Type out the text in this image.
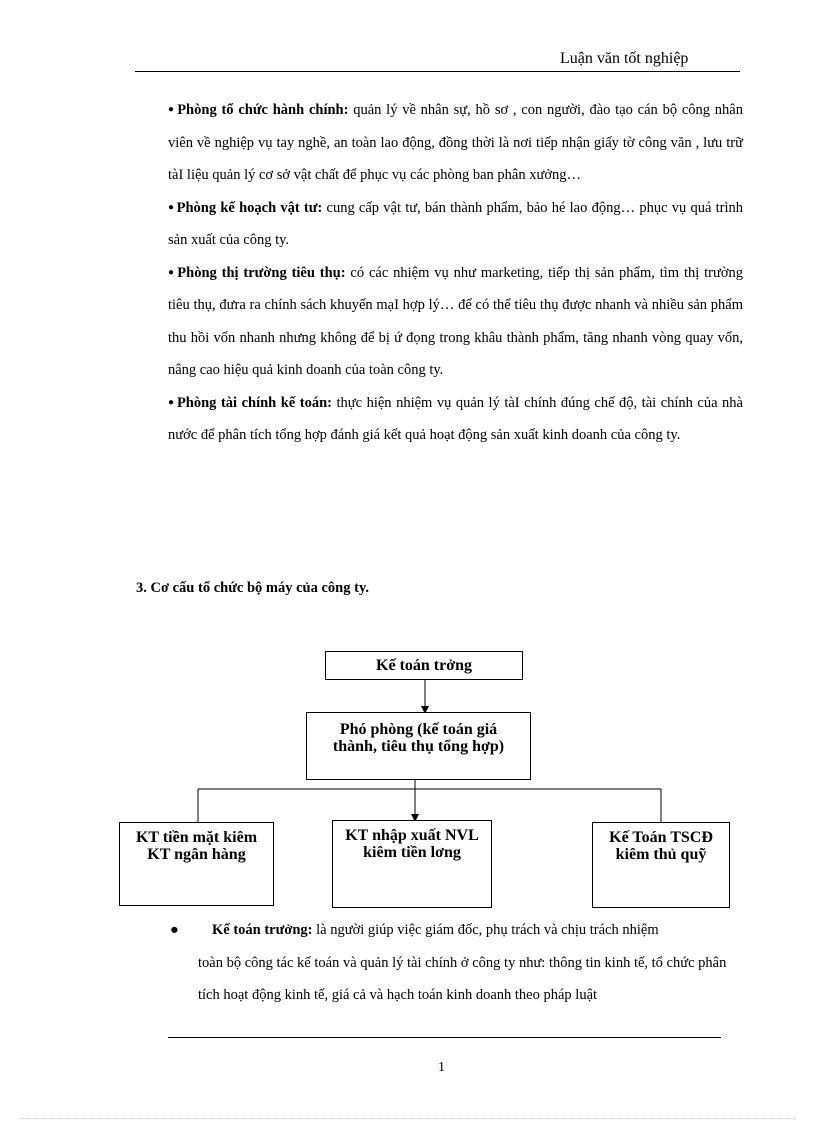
Luận văn tốt nghiệp

● Phòng tổ chức hành chính: quản lý về nhân sự, hồ sơ , con người, đào tạo cán bộ công nhân viên về nghiệp vụ tay nghề, an toàn lao động, đồng thời là nơi tiếp nhận giấy tờ công văn , lưu trữ tàI liệu quản lý cơ sở vật chất để phục vụ các phòng ban phân xưởng…

● Phòng kế hoạch vật tư: cung cấp vật tư, bán thành phẩm, bảo hé lao động… phục vụ quá trình sản xuất của công ty.

● Phòng thị trường tiêu thụ: có các nhiệm vụ như marketing, tiếp thị sản phẩm, tìm thị trường tiêu thụ, đưra ra chính sách khuyến mạI hợp lý… để có thể tiêu thụ được nhanh và nhiều sản phẩm thu hồi vốn nhanh nhưng không để bị ứ đọng trong khâu thành phẩm, tăng nhanh vòng quay vốn, nâng cao hiệu quả kinh doanh của toàn công ty.

● Phòng tài chính kế toán: thực hiện nhiệm vụ quản lý tàI chính đúng chế độ, tài chính của nhà nước để phân tích tổng hợp đánh giá kết quả hoạt động sản xuất kinh doanh của công ty.

3. Cơ cấu tổ chức bộ máy của công ty.
Kế toán trởng
Phó phòng (kế toán giá thành, tiêu thụ tổng hợp)
KT tiền mặt kiêm KT ngân hàng
KT nhập xuất NVL kiêm tiền lơng
Kế Toán TSCĐ kiêm thủ quỹ

● Kế toán trưởng: là người giúp việc giám đốc, phụ trách và chịu trách nhiệm

toàn bộ công tác kế toán và quản lý tài chính ở công ty như: thông tin kinh tế, tổ chức phân tích hoạt động kinh tế, giá cả và hạch toán kinh doanh theo pháp luật

1
